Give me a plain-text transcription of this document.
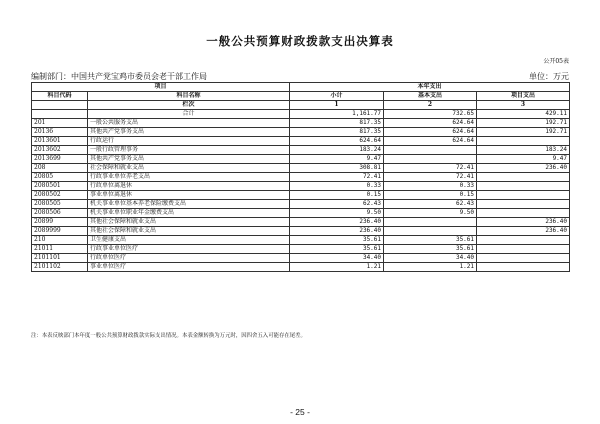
一般公共预算财政拨款支出决算表
公开05表
编制部门：中国共产党宝鸡市委员会老干部工作局	单位：万元
项目		本年支出		
科目代码	科目名称	小计	基本支出	项目支出
	栏次	1	2	3
	合计	1,161.77	732.65	429.11
201	一般公共服务支出	817.35	624.64	192.71
20136	其他共产党事务支出	817.35	624.64	192.71
2013601	行政运行	624.64	624.64	
2013602	一般行政管理事务	183.24		183.24
2013699	其他共产党事务支出	9.47		9.47
208	社会保障和就业支出	308.81	72.41	236.40
20805	行政事业单位养老支出	72.41	72.41	
2080501	行政单位离退休	0.33	0.33	
2080502	事业单位离退休	0.15	0.15	
2080505	机关事业单位基本养老保险缴费支出	62.43	62.43	
2080506	机关事业单位职业年金缴费支出	9.50	9.50	
20899	其他社会保障和就业支出	236.40		236.40
2089999	其他社会保障和就业支出	236.40		236.40
210	卫生健康支出	35.61	35.61	
21011	行政事业单位医疗	35.61	35.61	
2101101	行政单位医疗	34.40	34.40	
2101102	事业单位医疗	1.21	1.21	
注：本表反映部门本年度一般公共预算财政拨款实际支出情况。本表金额转换为万元时，因四舍五入可能存在尾差。
- 25 -
